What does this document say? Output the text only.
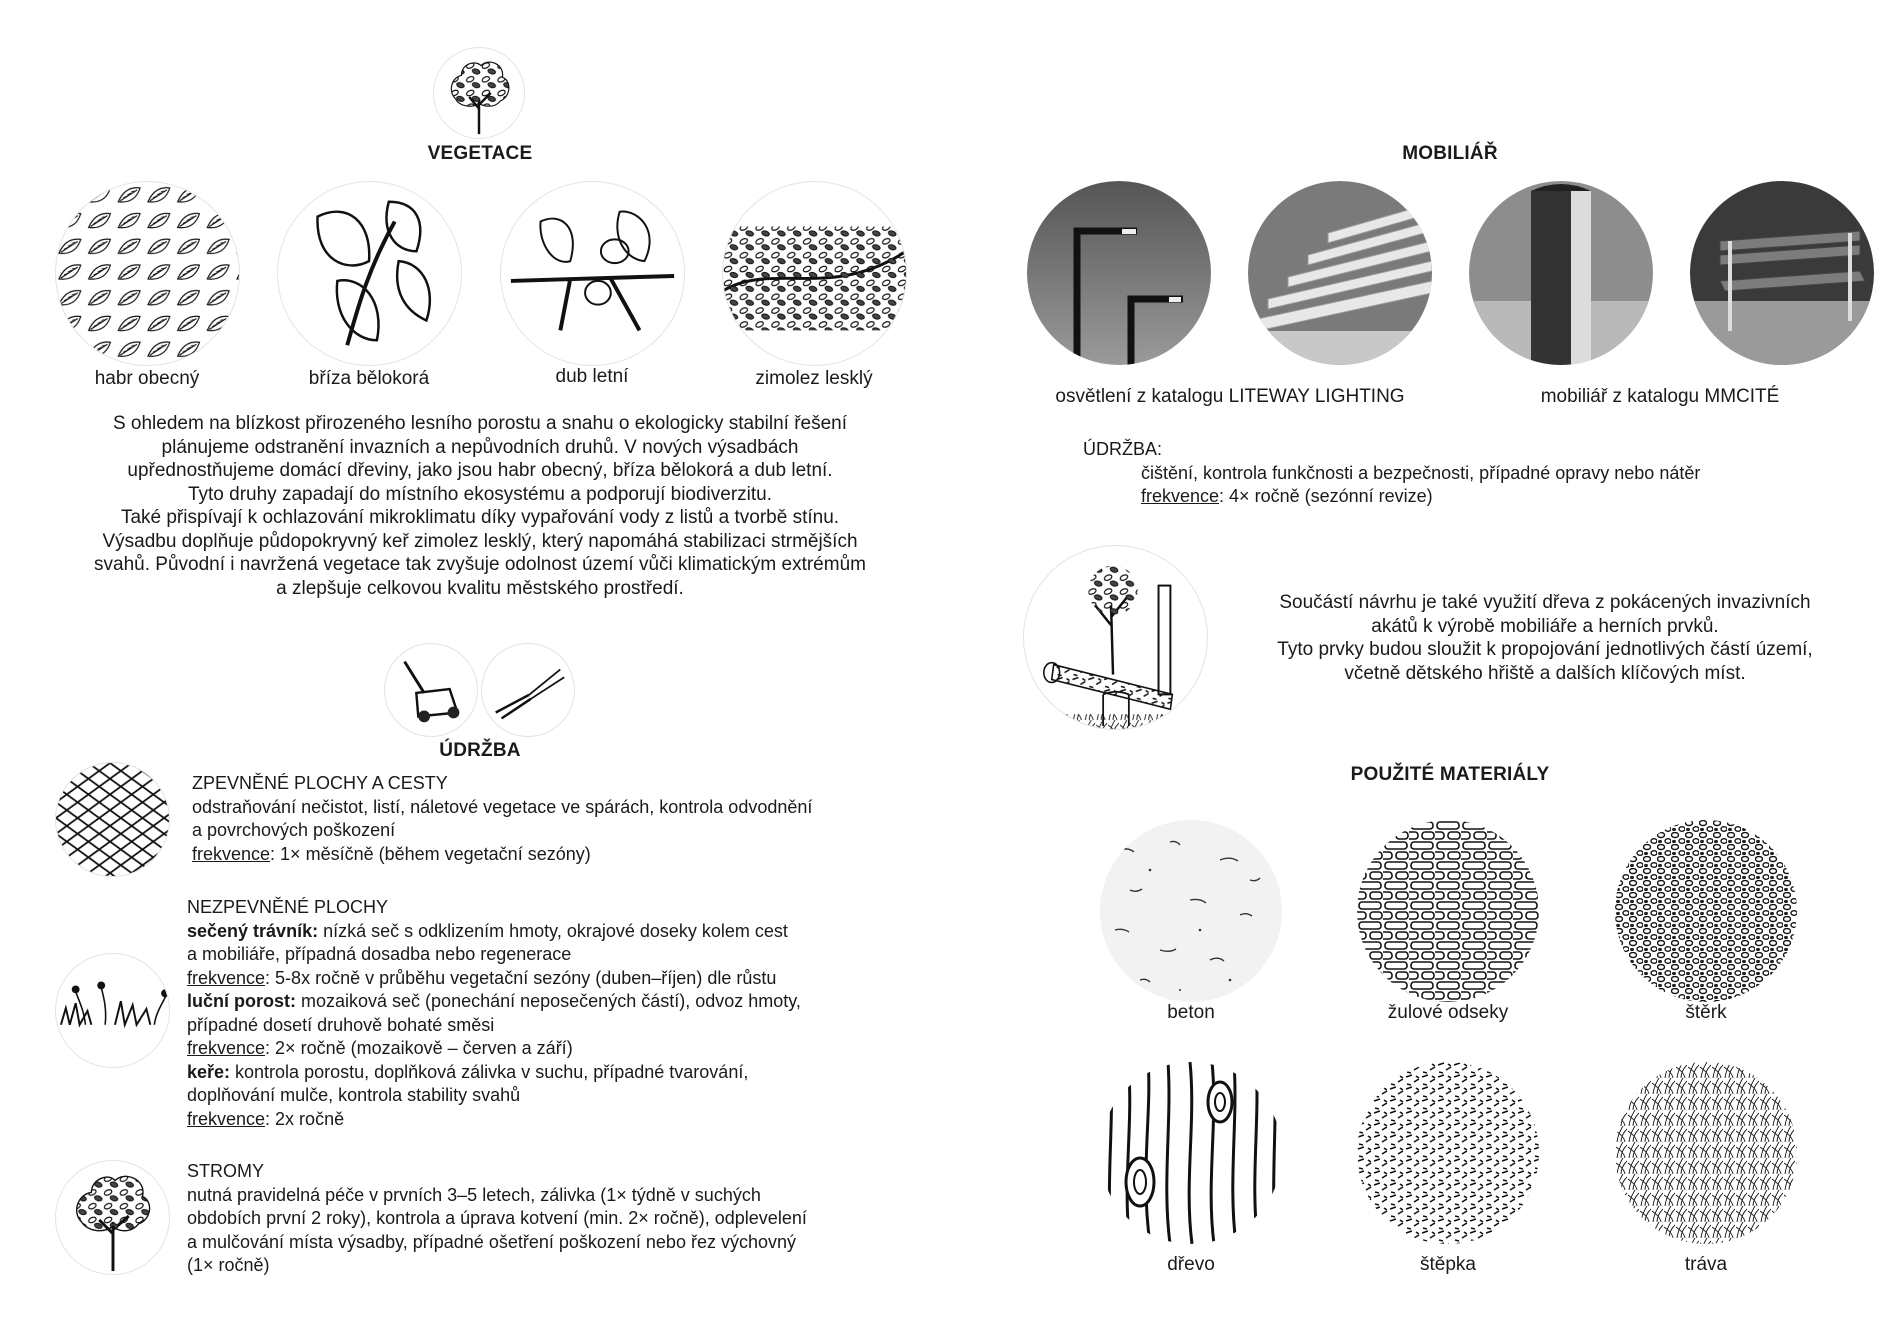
VEGETACE
habr obecný	bříza bělokorá	dub letní	zimolez lesklý
S ohledem na blízkost přirozeného lesního porostu a snahu o ekologicky stabilní řešení
plánujeme odstranění invazních a nepůvodních druhů. V nových výsadbách
upřednostňujeme domácí dřeviny, jako jsou habr obecný, bříza bělokorá a dub letní.
Tyto druhy zapadají do místního ekosystému a podporují biodiverzitu.
Také přispívají k ochlazování mikroklimatu díky vypařování vody z listů a tvorbě stínu.
Výsadbu doplňuje půdopokryvný keř zimolez lesklý, který napomáhá stabilizaci strmějších
svahů. Původní i navržená vegetace tak zvyšuje odolnost území vůči klimatickým extrémům
a zlepšuje celkovou kvalitu městského prostředí.
ÚDRŽBA
ZPEVNĚNÉ PLOCHY A CESTY
odstraňování nečistot, listí, náletové vegetace ve spárách, kontrola odvodnění
a povrchových poškození
frekvence: 1× měsíčně (během vegetační sezóny)
NEZPEVNĚNÉ PLOCHY
sečený trávník: nízká seč s odklizením hmoty, okrajové doseky kolem cest
a mobiliáře, případná dosadba nebo regenerace
frekvence: 5-8x ročně v průběhu vegetační sezóny (duben–říjen) dle růstu
luční porost: mozaiková seč (ponechání neposečených částí), odvoz hmoty,
případné dosetí druhově bohaté směsi
frekvence: 2× ročně (mozaikově – červen a září)
keře: kontrola porostu, doplňková zálivka v suchu, případné tvarování,
doplňování mulče, kontrola stability svahů
frekvence: 2x ročně
STROMY
nutná pravidelná péče v prvních 3–5 letech, zálivka (1× týdně v suchých
obdobích první 2 roky), kontrola a úprava kotvení (min. 2× ročně), odplevelení
a mulčování místa výsadby, případné ošetření poškození nebo řez výchovný
(1× ročně)
MOBILIÁŘ
osvětlení z katalogu LITEWAY LIGHTING	mobiliář z katalogu MMCITÉ
ÚDRŽBA:
čištění, kontrola funkčnosti a bezpečnosti, případné opravy nebo nátěr
frekvence: 4× ročně (sezónní revize)
Součástí návrhu je také využití dřeva z pokácených invazivních
akátů k výrobě mobiliáře a herních prvků.
Tyto prvky budou sloužit k propojování jednotlivých částí území,
včetně dětského hřiště a dalších klíčových míst.
POUŽITÉ MATERIÁLY
beton	žulové odseky	štěrk
dřevo	štěpka	tráva
